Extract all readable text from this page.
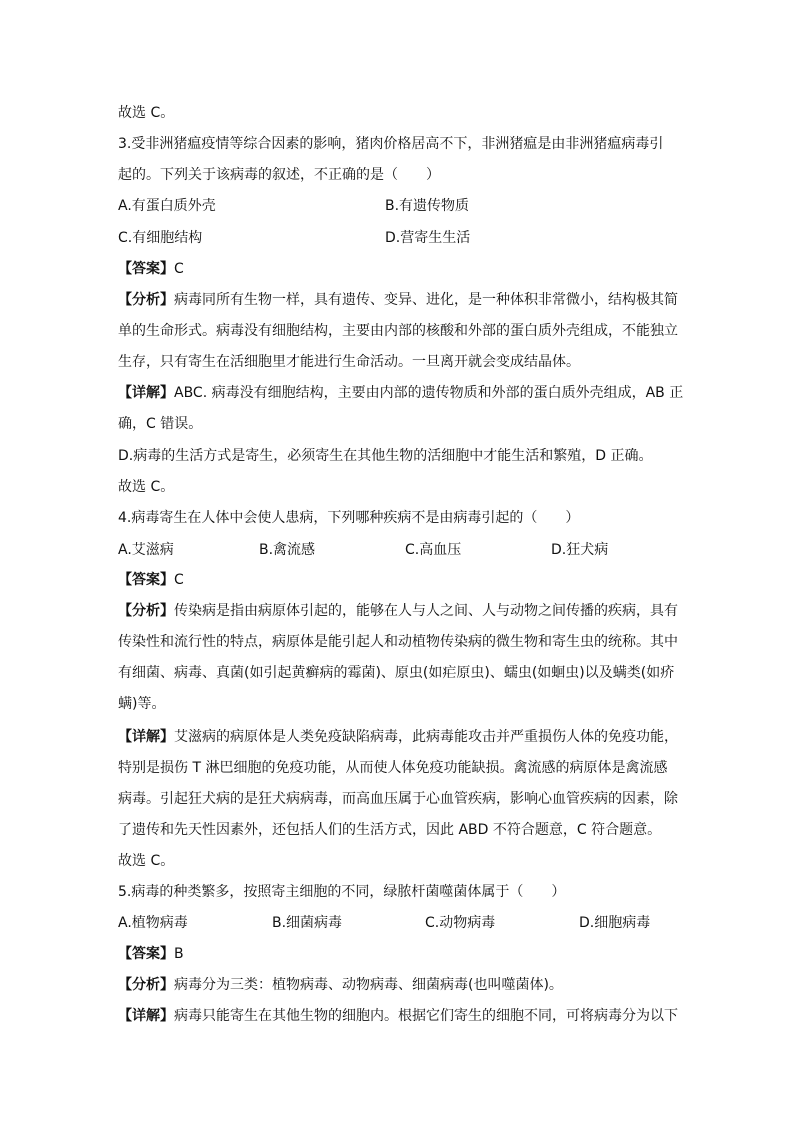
故选 C。
3.受非洲猪瘟疫情等综合因素的影响，猪肉价格居高不下，非洲猪瘟是由非洲猪瘟病毒引
起的。下列关于该病毒的叙述，不正确的是（　　）
A.有蛋白质外壳	B.有遗传物质
C.有细胞结构	D.营寄生生活
【答案】C
【分析】病毒同所有生物一样，具有遗传、变异、进化，是一种体积非常微小，结构极其简
单的生命形式。病毒没有细胞结构，主要由内部的核酸和外部的蛋白质外壳组成，不能独立
生存，只有寄生在活细胞里才能进行生命活动。一旦离开就会变成结晶体。
【详解】ABC. 病毒没有细胞结构，主要由内部的遗传物质和外部的蛋白质外壳组成，AB 正
确，C 错误。
D.病毒的生活方式是寄生，必须寄生在其他生物的活细胞中才能生活和繁殖，D 正确。
故选 C。
4.病毒寄生在人体中会使人患病，下列哪种疾病不是由病毒引起的（　　）
A.艾滋病	B.禽流感	C.高血压	D.狂犬病
【答案】C
【分析】传染病是指由病原体引起的，能够在人与人之间、人与动物之间传播的疾病，具有
传染性和流行性的特点，病原体是能引起人和动植物传染病的微生物和寄生虫的统称。其中
有细菌、病毒、真菌(如引起黄癣病的霉菌)、原虫(如疟原虫)、蠕虫(如蛔虫)以及螨类(如疥
螨)等。
【详解】艾滋病的病原体是人类免疫缺陷病毒，此病毒能攻击并严重损伤人体的免疫功能，
特别是损伤 T 淋巴细胞的免疫功能，从而使人体免疫功能缺损。禽流感的病原体是禽流感
病毒。引起狂犬病的是狂犬病病毒，而高血压属于心血管疾病，影响心血管疾病的因素，除
了遗传和先天性因素外，还包括人们的生活方式，因此 ABD 不符合题意，C 符合题意。
故选 C。
5.病毒的种类繁多，按照寄主细胞的不同，绿脓杆菌噬菌体属于（　　）
A.植物病毒	B.细菌病毒	C.动物病毒	D.细胞病毒
【答案】B
【分析】病毒分为三类：植物病毒、动物病毒、细菌病毒(也叫噬菌体)。
【详解】病毒只能寄生在其他生物的细胞内。根据它们寄生的细胞不同，可将病毒分为以下
